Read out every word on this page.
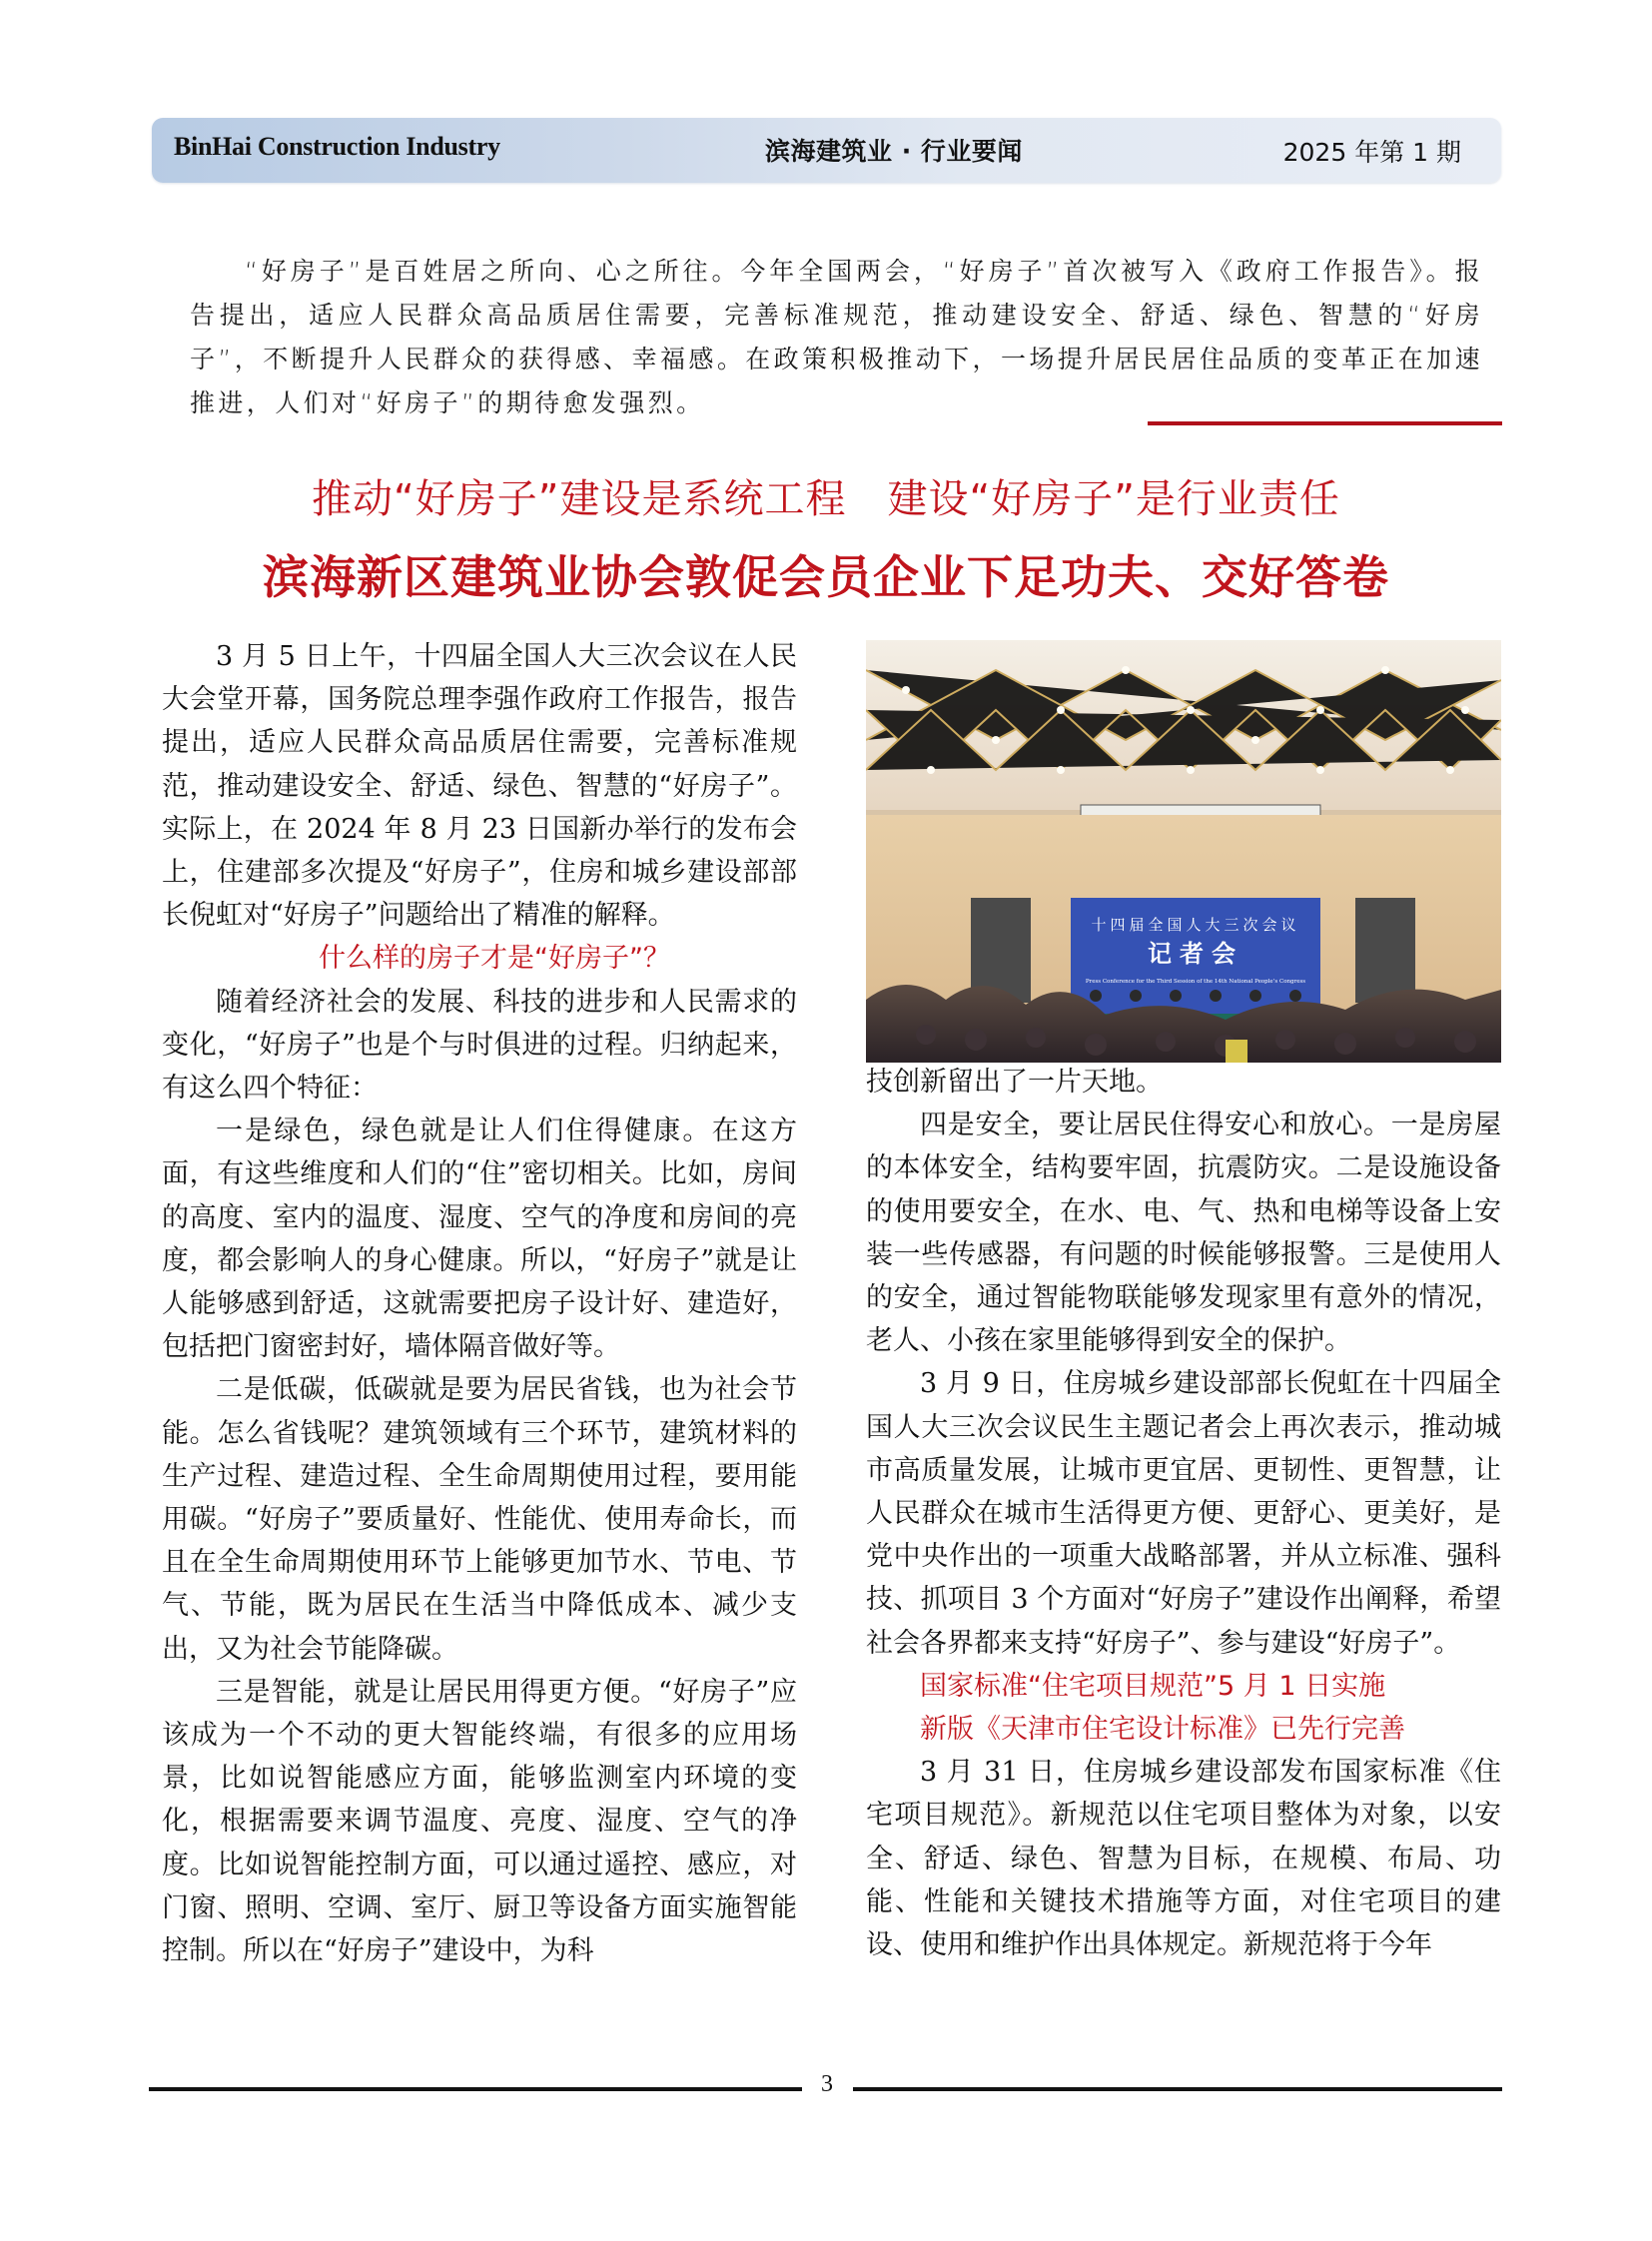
BinHai Construction Industry	滨海建筑业 · 行业要闻	2025 年第 1 期
“好房子”是百姓居之所向、心之所往。今年全国两会，“好房子”首次被写入《政府工作报告》。报告提出，适应人民群众高品质居住需要，完善标准规范，推动建设安全、舒适、绿色、智慧的“好房子”，不断提升人民群众的获得感、幸福感。在政策积极推动下，一场提升居民居住品质的变革正在加速推进，人们对“好房子”的期待愈发强烈。
推动“好房子”建设是系统工程　建设“好房子”是行业责任
滨海新区建筑业协会敦促会员企业下足功夫、交好答卷

3 月 5 日上午，十四届全国人大三次会议在人民大会堂开幕，国务院总理李强作政府工作报告，报告提出，适应人民群众高品质居住需要，完善标准规范，推动建设安全、舒适、绿色、智慧的“好房子”。实际上，在 2024 年 8 月 23 日国新办举行的发布会上，住建部多次提及“好房子”，住房和城乡建设部部长倪虹对“好房子”问题给出了精准的解释。

什么样的房子才是“好房子”？

随着经济社会的发展、科技的进步和人民需求的变化，“好房子”也是个与时俱进的过程。归纳起来，有这么四个特征：

一是绿色，绿色就是让人们住得健康。在这方面，有这些维度和人们的“住”密切相关。比如，房间的高度、室内的温度、湿度、空气的净度和房间的亮度，都会影响人的身心健康。所以，“好房子”就是让人能够感到舒适，这就需要把房子设计好、建造好，包括把门窗密封好，墙体隔音做好等。

二是低碳，低碳就是要为居民省钱，也为社会节能。怎么省钱呢？建筑领域有三个环节，建筑材料的生产过程、建造过程、全生命周期使用过程，要用能用碳。“好房子”要质量好、性能优、使用寿命长，而且在全生命周期使用环节上能够更加节水、节电、节气、节能，既为居民在生活当中降低成本、减少支出，又为社会节能降碳。

三是智能，就是让居民用得更方便。“好房子”应该成为一个不动的更大智能终端，有很多的应用场景，比如说智能感应方面，能够监测室内环境的变化，根据需要来调节温度、亮度、湿度、空气的净度。比如说智能控制方面，可以通过遥控、感应，对门窗、照明、空调、室厅、厨卫等设备方面实施智能控制。所以在“好房子”建设中，为科

十四届全国人大三次会议
记者会
Press Conference for the Third Session of the 14th National People’s Congress

技创新留出了一片天地。

四是安全，要让居民住得安心和放心。一是房屋的本体安全，结构要牢固，抗震防灾。二是设施设备的使用要安全，在水、电、气、热和电梯等设备上安装一些传感器，有问题的时候能够报警。三是使用人的安全，通过智能物联能够发现家里有意外的情况，老人、小孩在家里能够得到安全的保护。

3 月 9 日，住房城乡建设部部长倪虹在十四届全国人大三次会议民生主题记者会上再次表示，推动城市高质量发展，让城市更宜居、更韧性、更智慧，让人民群众在城市生活得更方便、更舒心、更美好，是党中央作出的一项重大战略部署，并从立标准、强科技、抓项目 3 个方面对“好房子”建设作出阐释，希望社会各界都来支持“好房子”、参与建设“好房子”。

国家标准“住宅项目规范”5 月 1 日实施
新版《天津市住宅设计标准》已先行完善

3 月 31 日，住房城乡建设部发布国家标准《住宅项目规范》。新规范以住宅项目整体为对象，以安全、舒适、绿色、智慧为目标，在规模、布局、功能、性能和关键技术措施等方面，对住宅项目的建设、使用和维护作出具体规定。新规范将于今年

3
